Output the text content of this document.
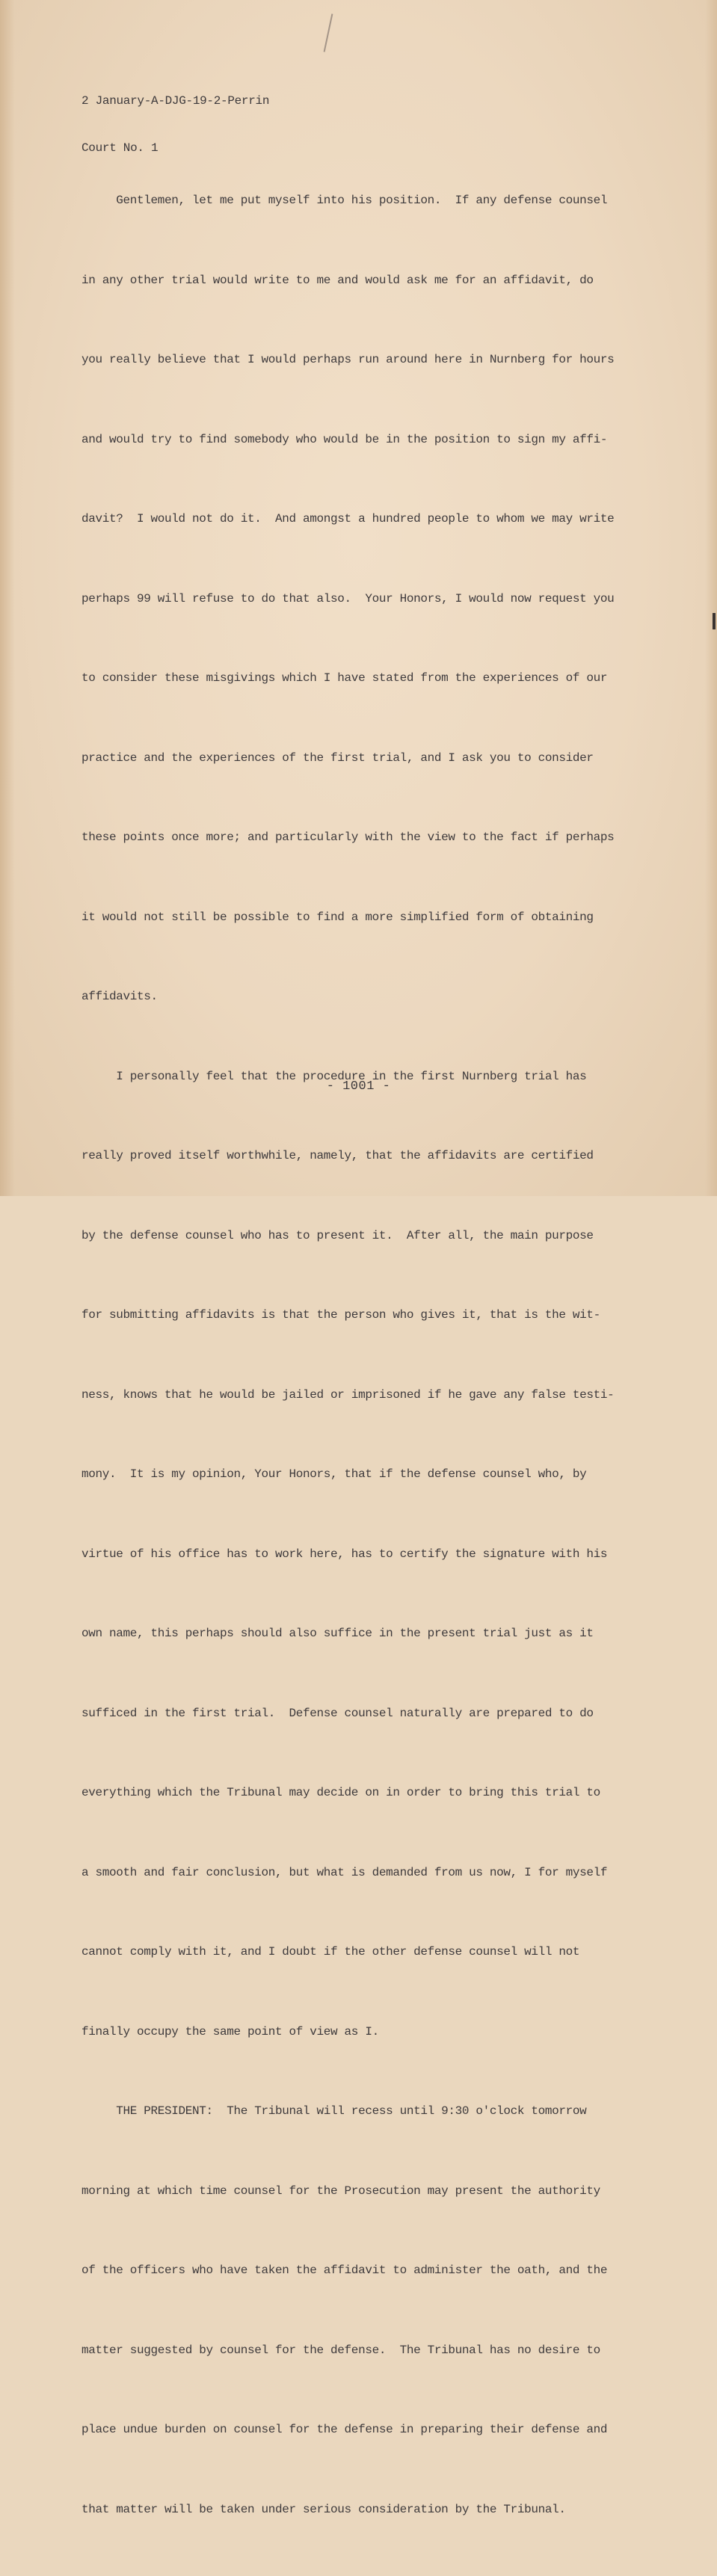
2 January-A-DJG-19-2-Perrin

Court No. 1

Gentlemen, let me put myself into his position.  If any defense counsel

in any other trial would write to me and would ask me for an affidavit, do

you really believe that I would perhaps run around here in Nurnberg for hours

and would try to find somebody who would be in the position to sign my affi-

davit?  I would not do it.  And amongst a hundred people to whom we may write

perhaps 99 will refuse to do that also.  Your Honors, I would now request you

to consider these misgivings which I have stated from the experiences of our

practice and the experiences of the first trial, and I ask you to consider

these points once more; and particularly with the view to the fact if perhaps

it would not still be possible to find a more simplified form of obtaining

affidavits.

I personally feel that the procedure in the first Nurnberg trial has

really proved itself worthwhile, namely, that the affidavits are certified

by the defense counsel who has to present it.  After all, the main purpose

for submitting affidavits is that the person who gives it, that is the wit-

ness, knows that he would be jailed or imprisoned if he gave any false testi-

mony.  It is my opinion, Your Honors, that if the defense counsel who, by

virtue of his office has to work here, has to certify the signature with his

own name, this perhaps should also suffice in the present trial just as it

sufficed in the first trial.  Defense counsel naturally are prepared to do

everything which the Tribunal may decide on in order to bring this trial to

a smooth and fair conclusion, but what is demanded from us now, I for myself

cannot comply with it, and I doubt if the other defense counsel will not

finally occupy the same point of view as I.

THE PRESIDENT:  The Tribunal will recess until 9:30 o'clock tomorrow

morning at which time counsel for the Prosecution may present the authority

of the officers who have taken the affidavit to administer the oath, and the

matter suggested by counsel for the defense.  The Tribunal has no desire to

place undue burden on counsel for the defense in preparing their defense and

that matter will be taken under serious consideration by the Tribunal.

- 1001 -
